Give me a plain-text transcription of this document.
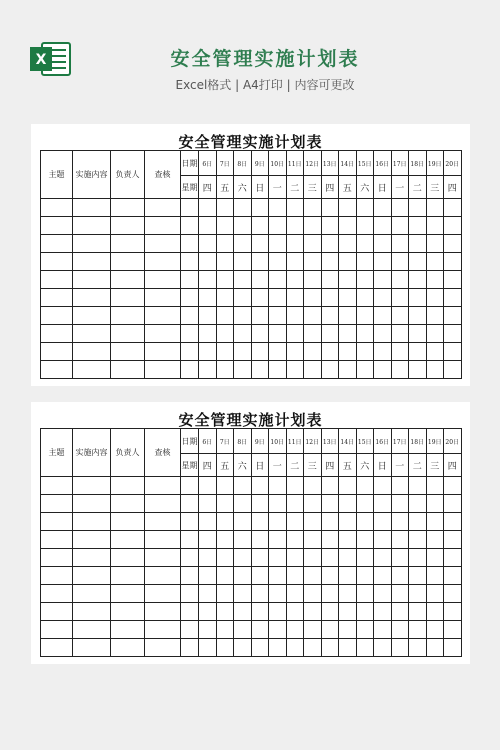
X	安全管理实施计划表
Excel格式 | A4打印 | 内容可更改
安全管理实施计划表
主题	实施内容	负责人	查核	日期	6日	7日	8日	9日	10日	11日	12日	13日	14日	15日	16日	17日	18日	19日	20日
				星期	四	五	六	日	一	二	三	四	五	六	日	一	二	三	四

安全管理实施计划表
主题	实施内容	负责人	查核	日期	6日	7日	8日	9日	10日	11日	12日	13日	14日	15日	16日	17日	18日	19日	20日
				星期	四	五	六	日	一	二	三	四	五	六	日	一	二	三	四
